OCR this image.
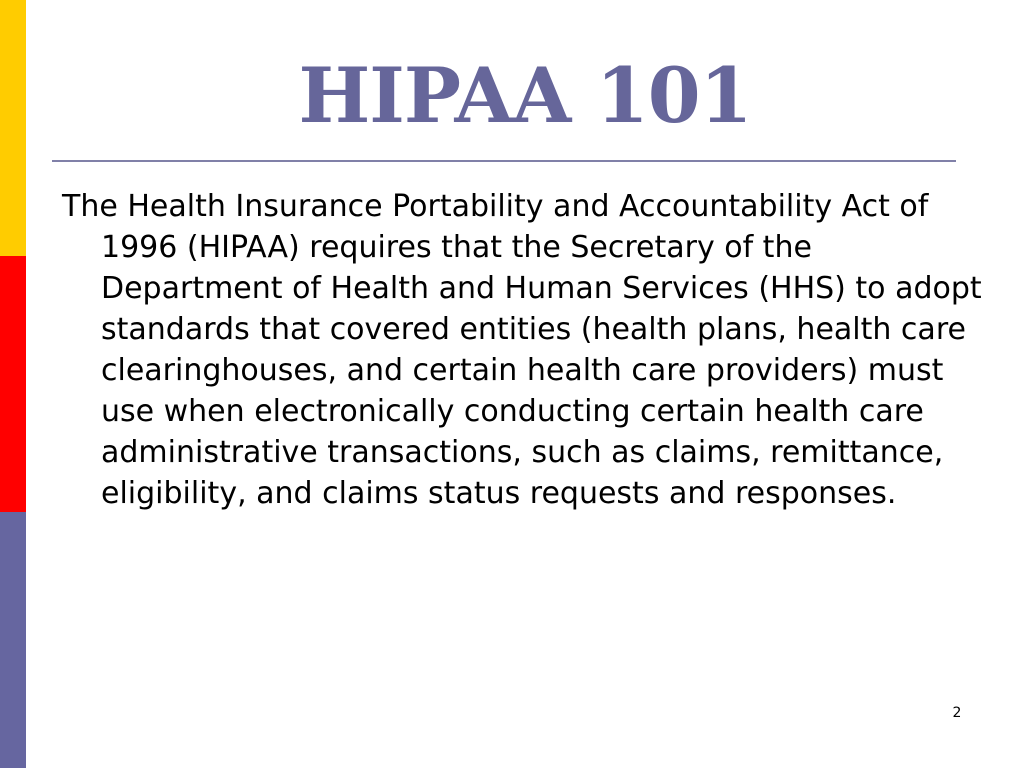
HIPAA 101

The Health Insurance Portability and Accountability Act of 1996 (HIPAA) requires that the Secretary of the Department of Health and Human Services (HHS) to adopt standards that covered entities (health plans, health care clearinghouses, and certain health care providers) must use when electronically conducting certain health care administrative transactions, such as claims, remittance, eligibility, and claims status requests and responses.

2
